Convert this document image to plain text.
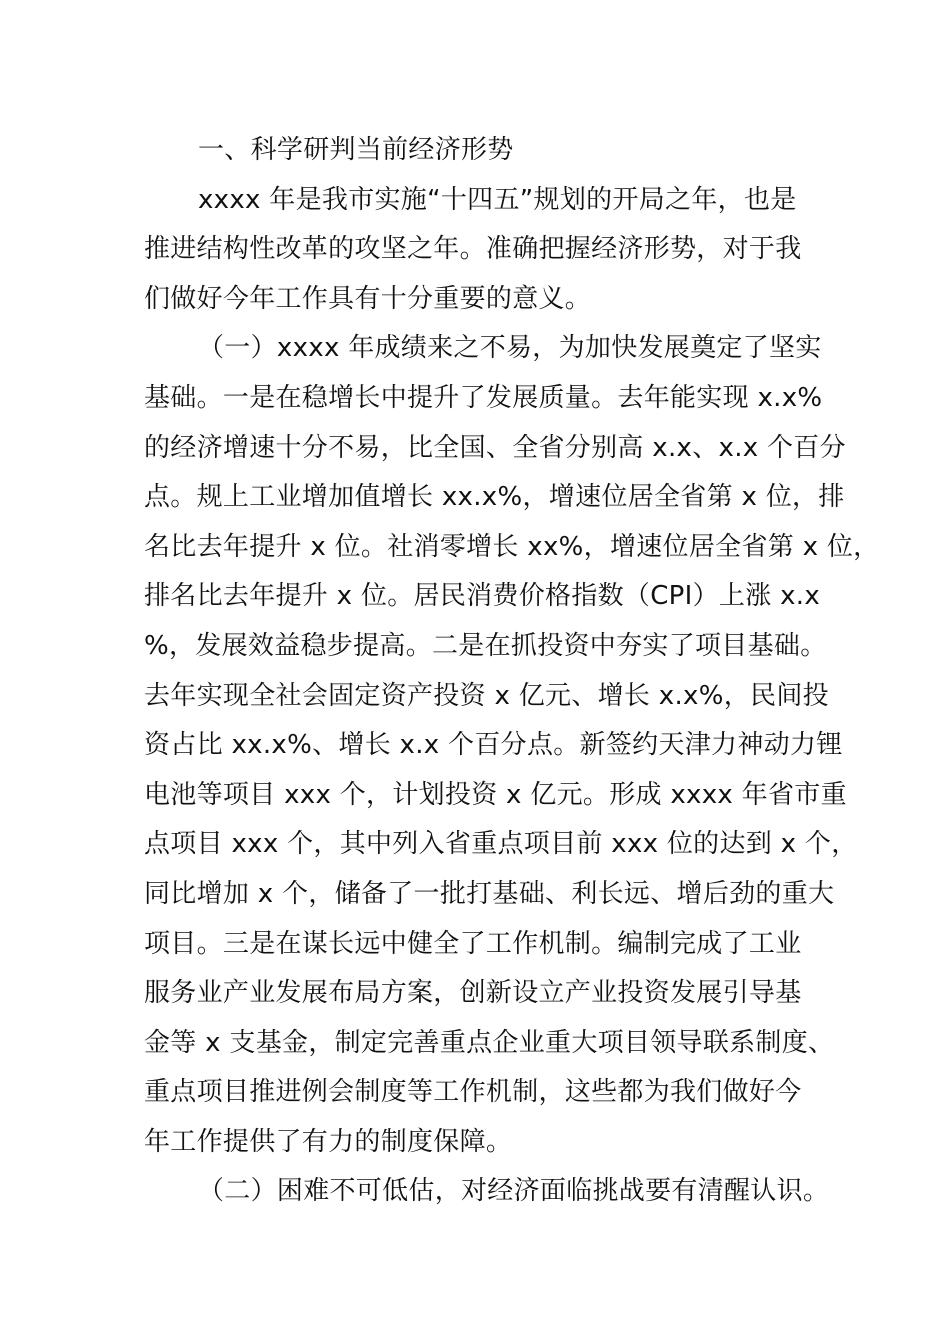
一、科学研判当前经济形势
xxxx 年是我市实施“十四五”规划的开局之年，也是
推进结构性改革的攻坚之年。准确把握经济形势，对于我
们做好今年工作具有十分重要的意义。
（一）xxxx 年成绩来之不易，为加快发展奠定了坚实
基础。一是在稳增长中提升了发展质量。去年能实现 x.x%
的经济增速十分不易，比全国、全省分别高 x.x、x.x 个百分
点。规上工业增加值增长 xx.x%，增速位居全省第 x 位，排
名比去年提升 x 位。社消零增长 xx%，增速位居全省第 x 位，
排名比去年提升 x 位。居民消费价格指数（CPI）上涨 x.x
%，发展效益稳步提高。二是在抓投资中夯实了项目基础。
去年实现全社会固定资产投资 x 亿元、增长 x.x%，民间投
资占比 xx.x%、增长 x.x 个百分点。新签约天津力神动力锂
电池等项目 xxx 个，计划投资 x 亿元。形成 xxxx 年省市重
点项目 xxx 个，其中列入省重点项目前 xxx 位的达到 x 个，
同比增加 x 个，储备了一批打基础、利长远、增后劲的重大
项目。三是在谋长远中健全了工作机制。编制完成了工业
服务业产业发展布局方案，创新设立产业投资发展引导基
金等 x 支基金，制定完善重点企业重大项目领导联系制度、
重点项目推进例会制度等工作机制，这些都为我们做好今
年工作提供了有力的制度保障。
（二）困难不可低估，对经济面临挑战要有清醒认识。
